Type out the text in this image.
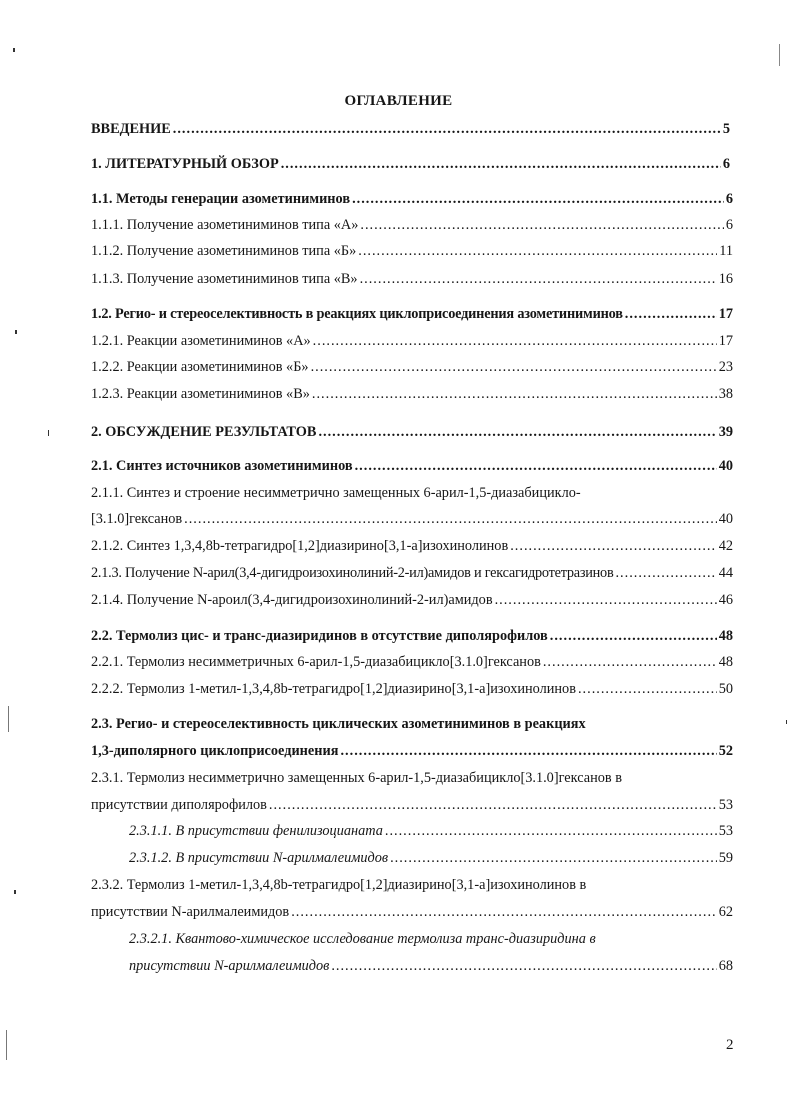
ОГЛАВЛЕНИЕ
ВВЕДЕНИЕ .....	5
1. ЛИТЕРАТУРНЫЙ ОБЗОР .....	6
1.1. Методы генерации азометиниминов .....	6
1.1.1. Получение азометиниминов типа «А» .....	6
1.1.2. Получение азометиниминов типа «Б» .....	11
1.1.3. Получение азометиниминов типа «В» .....	16
1.2. Регио- и стереоселективность в реакциях циклоприсоединения азометиниминов .....	17
1.2.1. Реакции азометиниминов «А» .....	17
1.2.2. Реакции азометиниминов «Б» .....	23
1.2.3. Реакции азометиниминов «В» .....	38
2. ОБСУЖДЕНИЕ РЕЗУЛЬТАТОВ .....	39
2.1. Синтез источников азометиниминов .....	40
2.1.1. Синтез и строение несимметрично замещенных 6-арил-1,5-диазабицикло-
[3.1.0]гексанов .....	40
2.1.2. Синтез 1,3,4,8b-тетрагидро[1,2]диазирино[3,1-a]изохинолинов .....	42
2.1.3. Получение N-арил(3,4-дигидроизохинолиний-2-ил)амидов и гексагидротетразинов .....	44
2.1.4. Получение N-ароил(3,4-дигидроизохинолиний-2-ил)амидов .....	46
2.2. Термолиз цис- и транс-диазиридинов в отсутствие диполярофилов .....	48
2.2.1. Термолиз несимметричных 6-арил-1,5-диазабицикло[3.1.0]гексанов .....	48
2.2.2. Термолиз 1-метил-1,3,4,8b-тетрагидро[1,2]диазирино[3,1-a]изохинолинов .....	50
2.3. Регио- и стереоселективность циклических азометиниминов в реакциях
1,3-диполярного циклоприсоединения .....	52
2.3.1. Термолиз несимметрично замещенных 6-арил-1,5-диазабицикло[3.1.0]гексанов в
присутствии диполярофилов .....	53
2.3.1.1. В присутствии фенилизоцианата .....	53
2.3.1.2. В присутствии N-арилмалеимидов .....	59
2.3.2. Термолиз 1-метил-1,3,4,8b-тетрагидро[1,2]диазирино[3,1-a]изохинолинов в
присутствии N-арилмалеимидов .....	62
2.3.2.1. Квантово-химическое исследование термолиза транс-диазиридина в
присутствии N-арилмалеимидов .....	68
2
